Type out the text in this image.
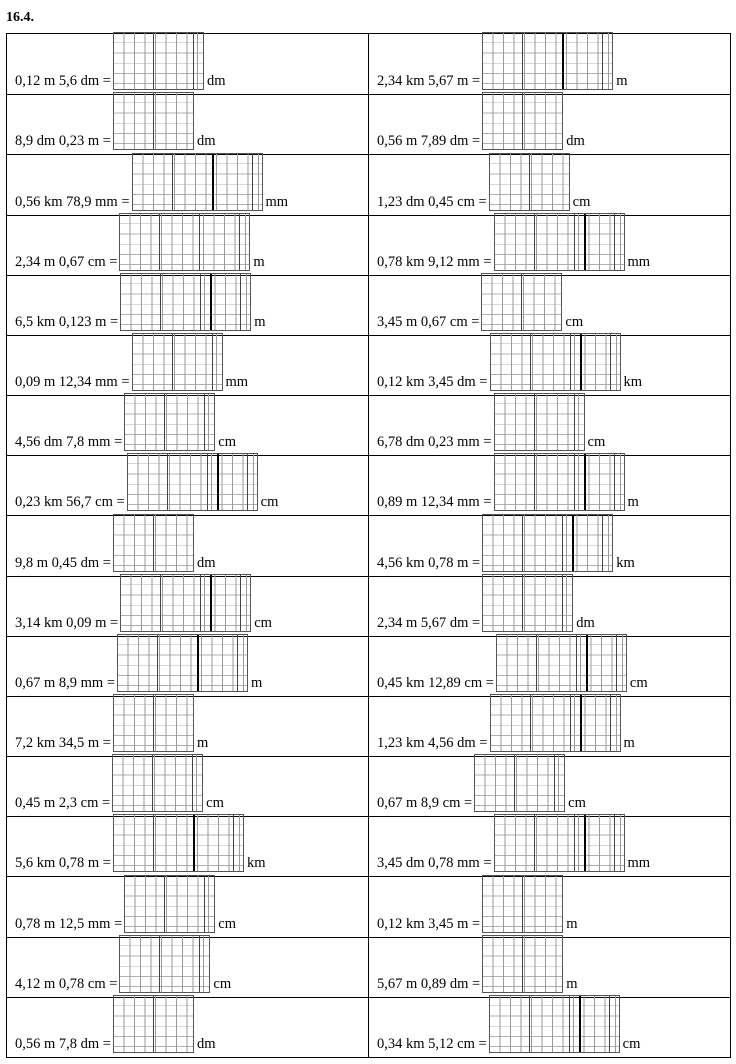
16.4.
0,12 m 5,6 dm =	dm	2,34 km 5,67 m =	m
8,9 dm 0,23 m =	dm	0,56 m 7,89 dm =	dm
0,56 km 78,9 mm =	mm	1,23 dm 0,45 cm =	cm
2,34 m 0,67 cm =	m	0,78 km 9,12 mm =	mm
6,5 km 0,123 m =	m	3,45 m 0,67 cm =	cm
0,09 m 12,34 mm =	mm	0,12 km 3,45 dm =	km
4,56 dm 7,8 mm =	cm	6,78 dm 0,23 mm =	cm
0,23 km 56,7 cm =	cm	0,89 m 12,34 mm =	m
9,8 m 0,45 dm =	dm	4,56 km 0,78 m =	km
3,14 km 0,09 m =	cm	2,34 m 5,67 dm =	dm
0,67 m 8,9 mm =	m	0,45 km 12,89 cm =	cm
7,2 km 34,5 m =	m	1,23 km 4,56 dm =	m
0,45 m 2,3 cm =	cm	0,67 m 8,9 cm =	cm
5,6 km 0,78 m =	km	3,45 dm 0,78 mm =	mm
0,78 m 12,5 mm =	cm	0,12 km 3,45 m =	m
4,12 m 0,78 cm =	cm	5,67 m 0,89 dm =	m
0,56 m 7,8 dm =	dm	0,34 km 5,12 cm =	cm
